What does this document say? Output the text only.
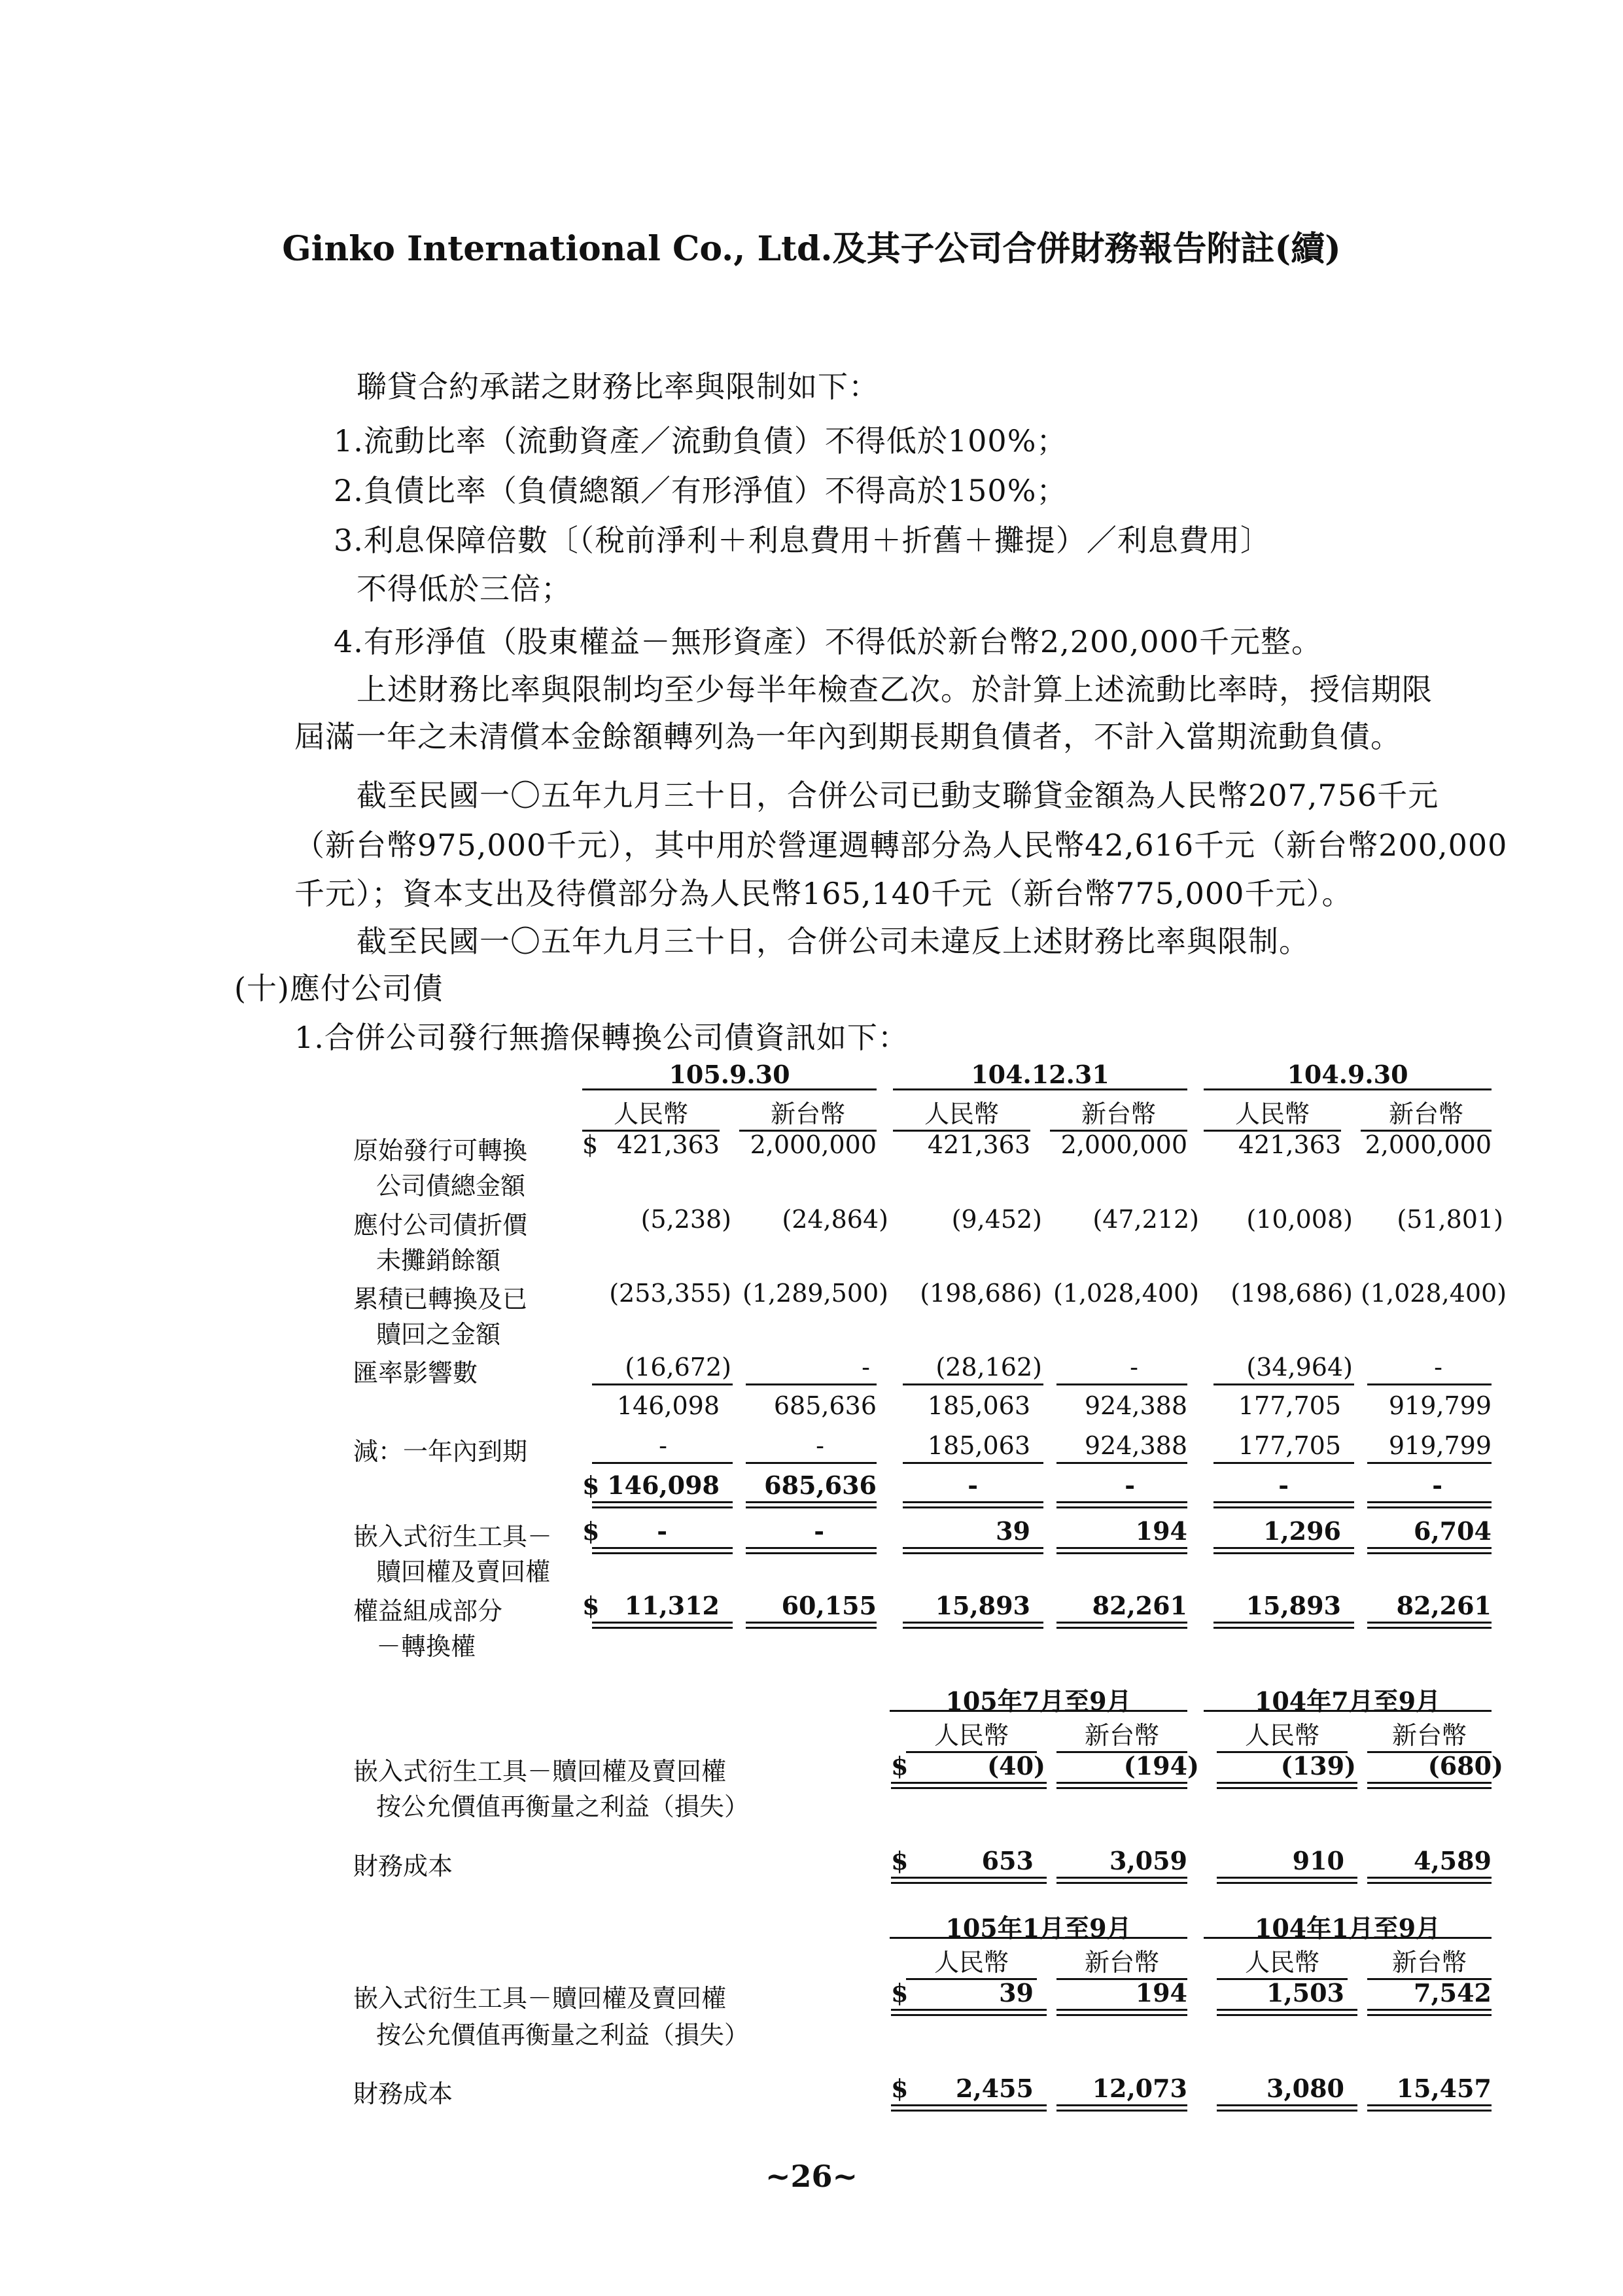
Ginko International Co., Ltd.及其子公司合併財務報告附註(續)
聯貸合約承諾之財務比率與限制如下：
1.流動比率（流動資產／流動負債）不得低於100%；
2.負債比率（負債總額／有形淨值）不得高於150%；
3.利息保障倍數〔（稅前淨利＋利息費用＋折舊＋攤提）／利息費用〕
不得低於三倍；
4.有形淨值（股東權益－無形資產）不得低於新台幣2,200,000千元整。
上述財務比率與限制均至少每半年檢查乙次。於計算上述流動比率時，授信期限
屆滿一年之未清償本金餘額轉列為一年內到期長期負債者，不計入當期流動負債。
截至民國一〇五年九月三十日，合併公司已動支聯貸金額為人民幣207,756千元
（新台幣975,000千元），其中用於營運週轉部分為人民幣42,616千元（新台幣200,000
千元）；資本支出及待償部分為人民幣165,140千元（新台幣775,000千元）。
截至民國一〇五年九月三十日，合併公司未違反上述財務比率與限制。
(十)應付公司債
1.合併公司發行無擔保轉換公司債資訊如下：
105.9.30	104.12.31	104.9.30
人民幣	新台幣	人民幣	新台幣	人民幣	新台幣
原始發行可轉換
公司債總金額
$ 421,363	2,000,000	421,363	2,000,000	421,363 2,000,000
應付公司債折價
未攤銷餘額
(5,238)	(24,864)	(9,452)	(47,212)	(10,008)	(51,801)
累積已轉換及已
贖回之金額
(253,355) (1,289,500)	(198,686) (1,028,400)	(198,686) (1,028,400)
匯率影響數	(16,672)	-	(28,162)	-	(34,964)	-
146,098	685,636	185,063	924,388	177,705	919,799
減：一年內到期	-	-	185,063	924,388	177,705	919,799
$ 146,098	685,636	-	-	-	-
嵌入式衍生工具－
贖回權及賣回權
$	-	-	39	194	1,296	6,704
權益組成部分
－轉換權
$	11,312	60,155	15,893	82,261	15,893	82,261
105年7月至9月	104年7月至9月
人民幣	新台幣	人民幣	新台幣
嵌入式衍生工具－贖回權及賣回權
按公允價值再衡量之利益（損失）
$	(40)	(194)	(139)	(680)
財務成本	$	653	3,059	910	4,589
105年1月至9月	104年1月至9月
人民幣	新台幣	人民幣	新台幣
嵌入式衍生工具－贖回權及賣回權
按公允價值再衡量之利益（損失）
$	39	194	1,503	7,542
財務成本	$	2,455	12,073	3,080	15,457
~26~
